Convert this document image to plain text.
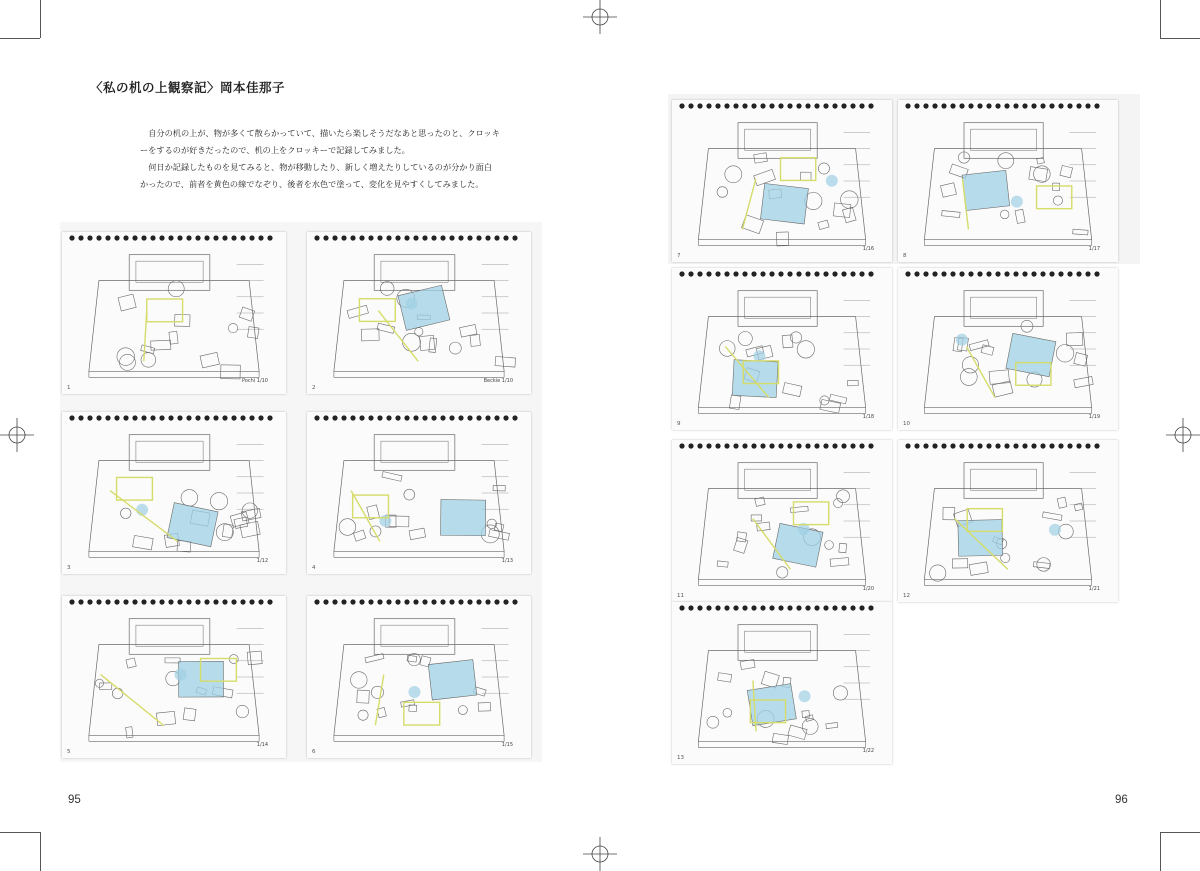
〈私の机の上観察記〉岡本佳那子

自分の机の上が、物が多くて散らかっていて、描いたら楽しそうだなあと思ったのと、クロッキーをするのが好きだったので、机の上をクロッキーで記録してみました。

何日か記録したものを見てみると、物が移動したり、新しく増えたりしているのが分かり面白かったので、前者を黄色の線でなぞり、後者を水色で塗って、変化を見やすくしてみました。

Pochi 1/10
1
Beckie 1/10
2
1/12
3
1/13
4
1/14
5
1/15
6
1/16
7
1/17
8
1/18
9
1/19
10
1/20
11
1/21
12
1/22
13
95	96
